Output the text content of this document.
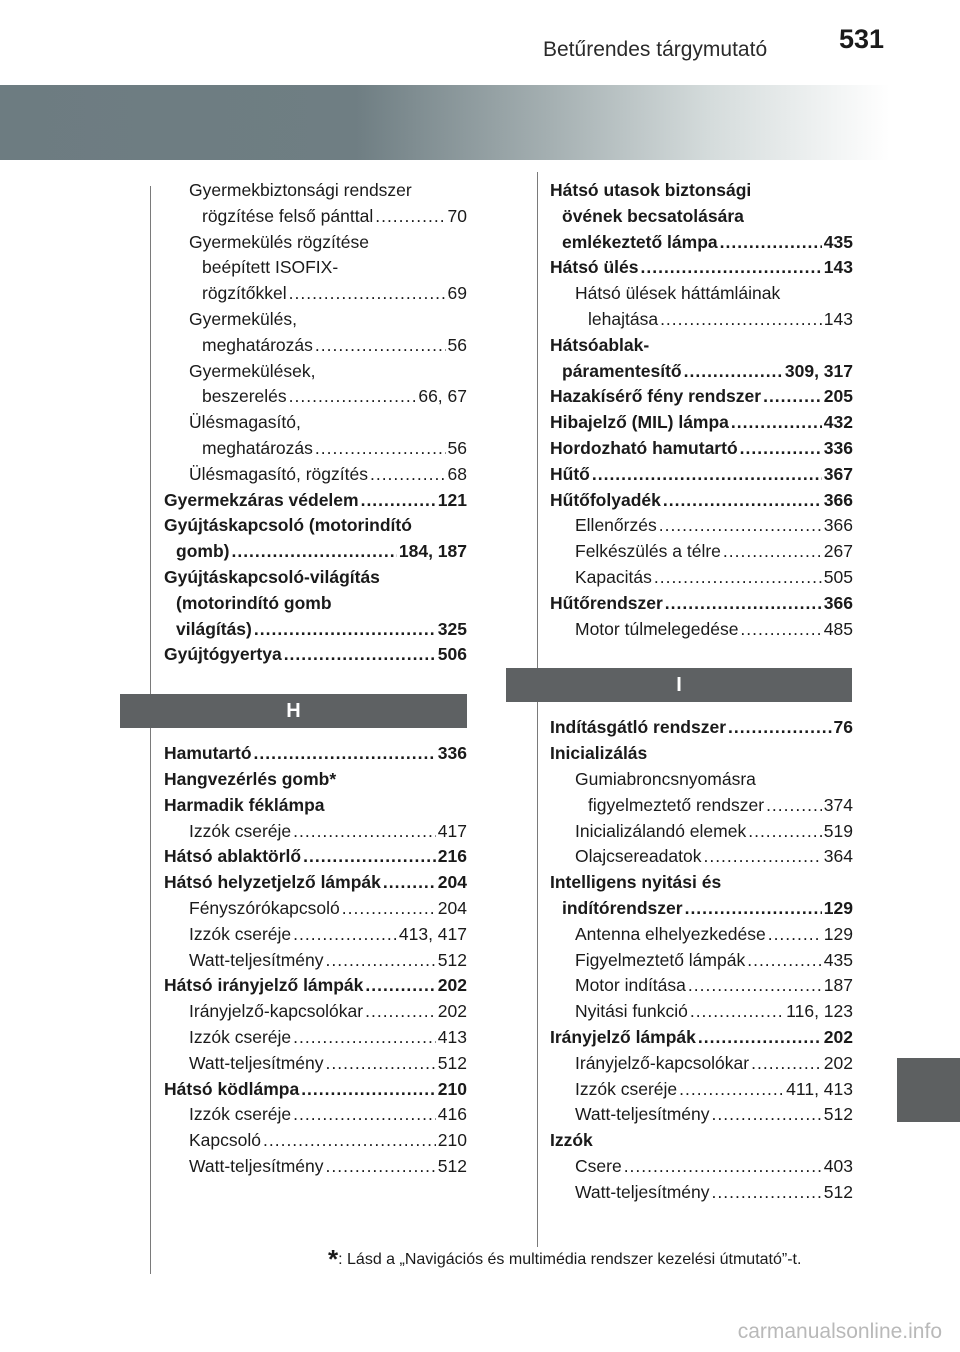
531
Betűrendes tárgymutató
Gyermekbiztonsági rendszer
rögzítése felső pánttal .....	70
Gyermekülés rögzítése
beépített ISOFIX-
rögzítőkkel .....	69
Gyermekülés,
meghatározás .....	56
Gyermekülések,
beszerelés .....	66, 67
Ülésmagasító,
meghatározás .....	56
Ülésmagasító, rögzítés .....	68
Gyermekzáras védelem .....	121
Gyújtáskapcsoló (motorindító
gomb) .....	184, 187
Gyújtáskapcsoló-világítás
(motorindító gomb
világítás) .....	325
Gyújtógyertya .....	506
H
Hamutartó .....	336
Hangvezérlés gomb*
Harmadik féklámpa
Izzók cseréje .....	417
Hátsó ablaktörlő .....	216
Hátsó helyzetjelző lámpák .....	204
Fényszórókapcsoló .....	204
Izzók cseréje .....	413, 417
Watt-teljesítmény .....	512
Hátsó irányjelző lámpák .....	202
Irányjelző-kapcsolókar .....	202
Izzók cseréje .....	413
Watt-teljesítmény .....	512
Hátsó ködlámpa .....	210
Izzók cseréje .....	416
Kapcsoló .....	210
Watt-teljesítmény .....	512
Hátsó utasok biztonsági
övének becsatolására
emlékeztető lámpa .....	435
Hátsó ülés .....	143
Hátsó ülések háttámláinak
lehajtása .....	143
Hátsóablak-
páramentesítő .....	309, 317
Hazakísérő fény rendszer .....	205
Hibajelző (MIL) lámpa .....	432
Hordozható hamutartó .....	336
Hűtő .....	367
Hűtőfolyadék .....	366
Ellenőrzés .....	366
Felkészülés a télre .....	267
Kapacitás .....	505
Hűtőrendszer .....	366
Motor túlmelegedése .....	485
I
Indításgátló rendszer .....	76
Inicializálás
Gumiabroncsnyomásra
figyelmeztető rendszer .....	374
Inicializálandó elemek .....	519
Olajcsereadatok .....	364
Intelligens nyitási és
indítórendszer .....	129
Antenna elhelyezkedése .....	129
Figyelmeztető lámpák .....	435
Motor indítása .....	187
Nyitási funkció .....	116, 123
Irányjelző lámpák .....	202
Irányjelző-kapcsolókar .....	202
Izzók cseréje .....	411, 413
Watt-teljesítmény .....	512
Izzók
Csere .....	403
Watt-teljesítmény .....	512
*: Lásd a „Navigációs és multimédia rendszer kezelési útmutató”-t.
carmanualsonline.info
